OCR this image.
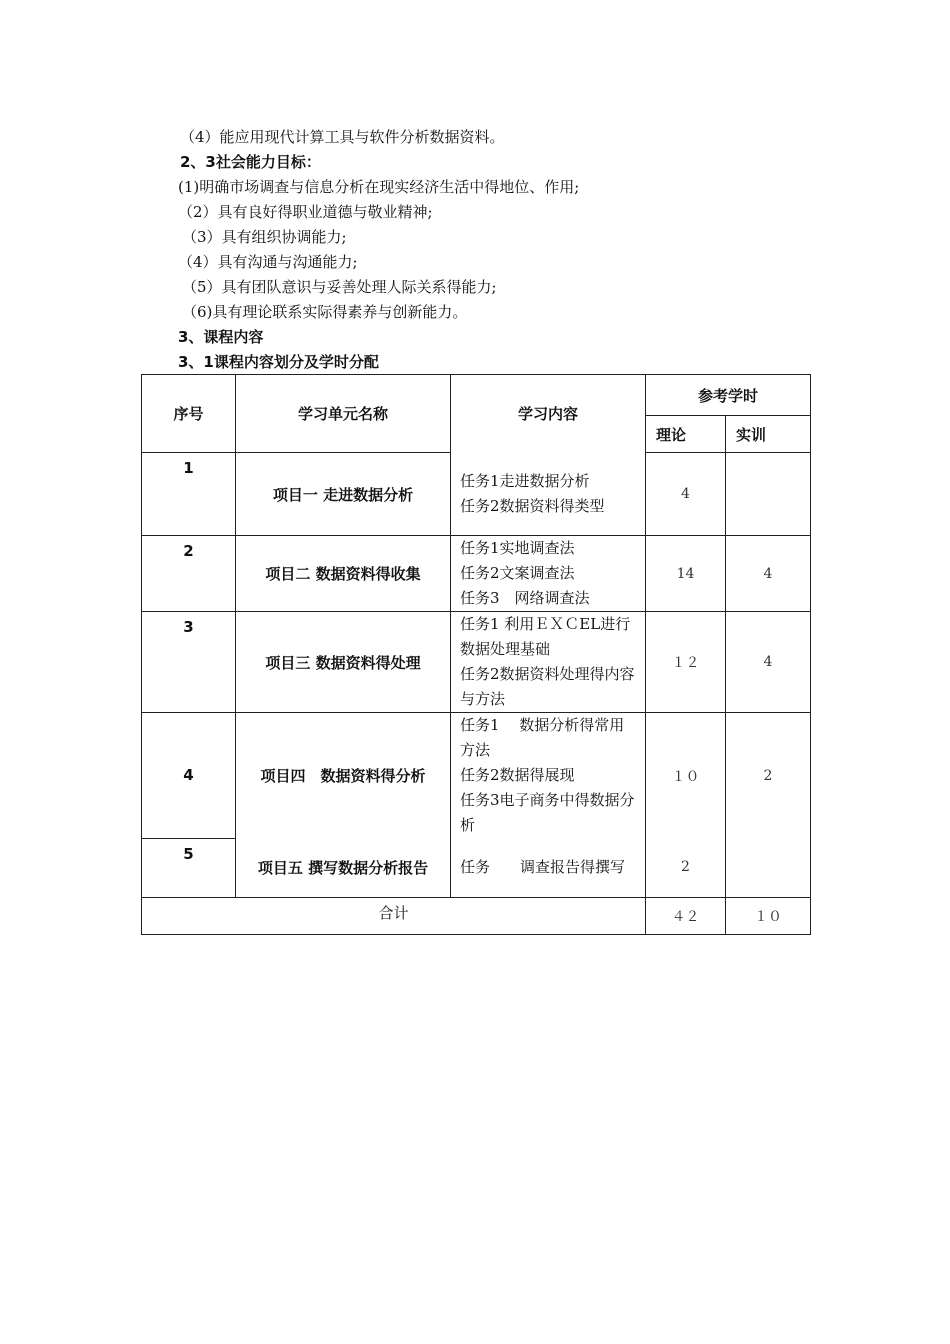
（4）能应用现代计算工具与软件分析数据资料。
2、3社会能力目标：
(1)明确市场调查与信息分析在现实经济生活中得地位、作用;
（2）具有良好得职业道德与敬业精神;
（3）具有组织协调能力;
（4）具有沟通与沟通能力;
（5）具有团队意识与妥善处理人际关系得能力;
（6)具有理论联系实际得素养与创新能力。
3、课程内容
3、1课程内容划分及学时分配
序号	学习单元名称	学习内容	参考学时	
			理论	实训
1	项目一 走进数据分析	任务1走进数据分析
任务2数据资料得类型	4	
2	项目二 数据资料得收集	任务1实地调查法
任务2文案调查法
任务3　网络调查法	14	4
3	项目三 数据资料得处理	任务1 利用ＥＸＣEL进行数据处理基础
任务2数据资料处理得内容与方法	１２	4
4	项目四　数据资料得分析	任务1　 数据分析得常用方法
任务2数据得展现
任务3电子商务中得数据分析	１０	2
5	项目五 撰写数据分析报告	任务　　调查报告得撰写	2	
合计			４２	１０
